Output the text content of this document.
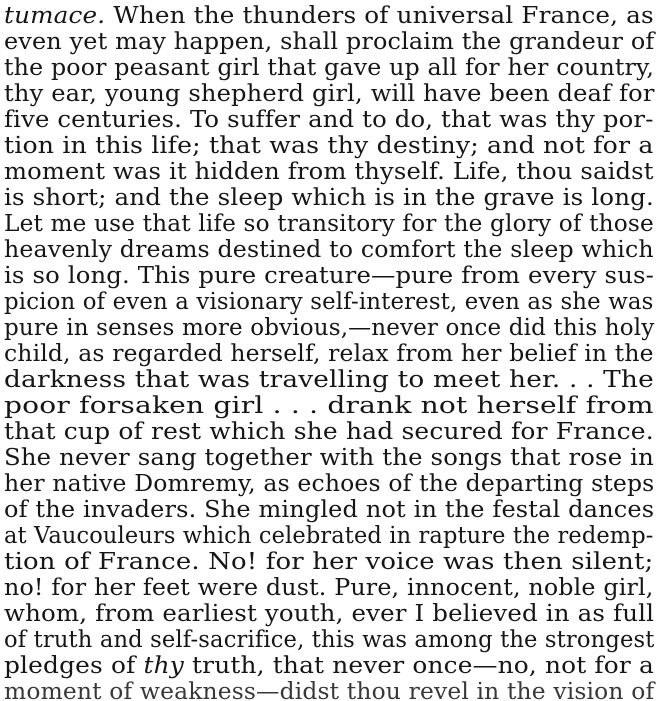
tumace. When the thunders of universal France, as
even yet may happen, shall proclaim the grandeur of
the poor peasant girl that gave up all for her country,
thy ear, young shepherd girl, will have been deaf for
five centuries. To suffer and to do, that was thy por-
tion in this life; that was thy destiny; and not for a
moment was it hidden from thyself. Life, thou saidst
is short; and the sleep which is in the grave is long.
Let me use that life so transitory for the glory of those
heavenly dreams destined to comfort the sleep which
is so long. This pure creature—pure from every sus-
picion of even a visionary self-interest, even as she was
pure in senses more obvious,—never once did this holy
child, as regarded herself, relax from her belief in the
darkness that was travelling to meet her. . . The
poor forsaken girl . . . drank not herself from
that cup of rest which she had secured for France.
She never sang together with the songs that rose in
her native Domremy, as echoes of the departing steps
of the invaders. She mingled not in the festal dances
at Vaucouleurs which celebrated in rapture the redemp-
tion of France. No! for her voice was then silent;
no! for her feet were dust. Pure, innocent, noble girl,
whom, from earliest youth, ever I believed in as full
of truth and self-sacrifice, this was among the strongest
pledges of thy truth, that never once—no, not for a
moment of weakness—didst thou revel in the vision of
